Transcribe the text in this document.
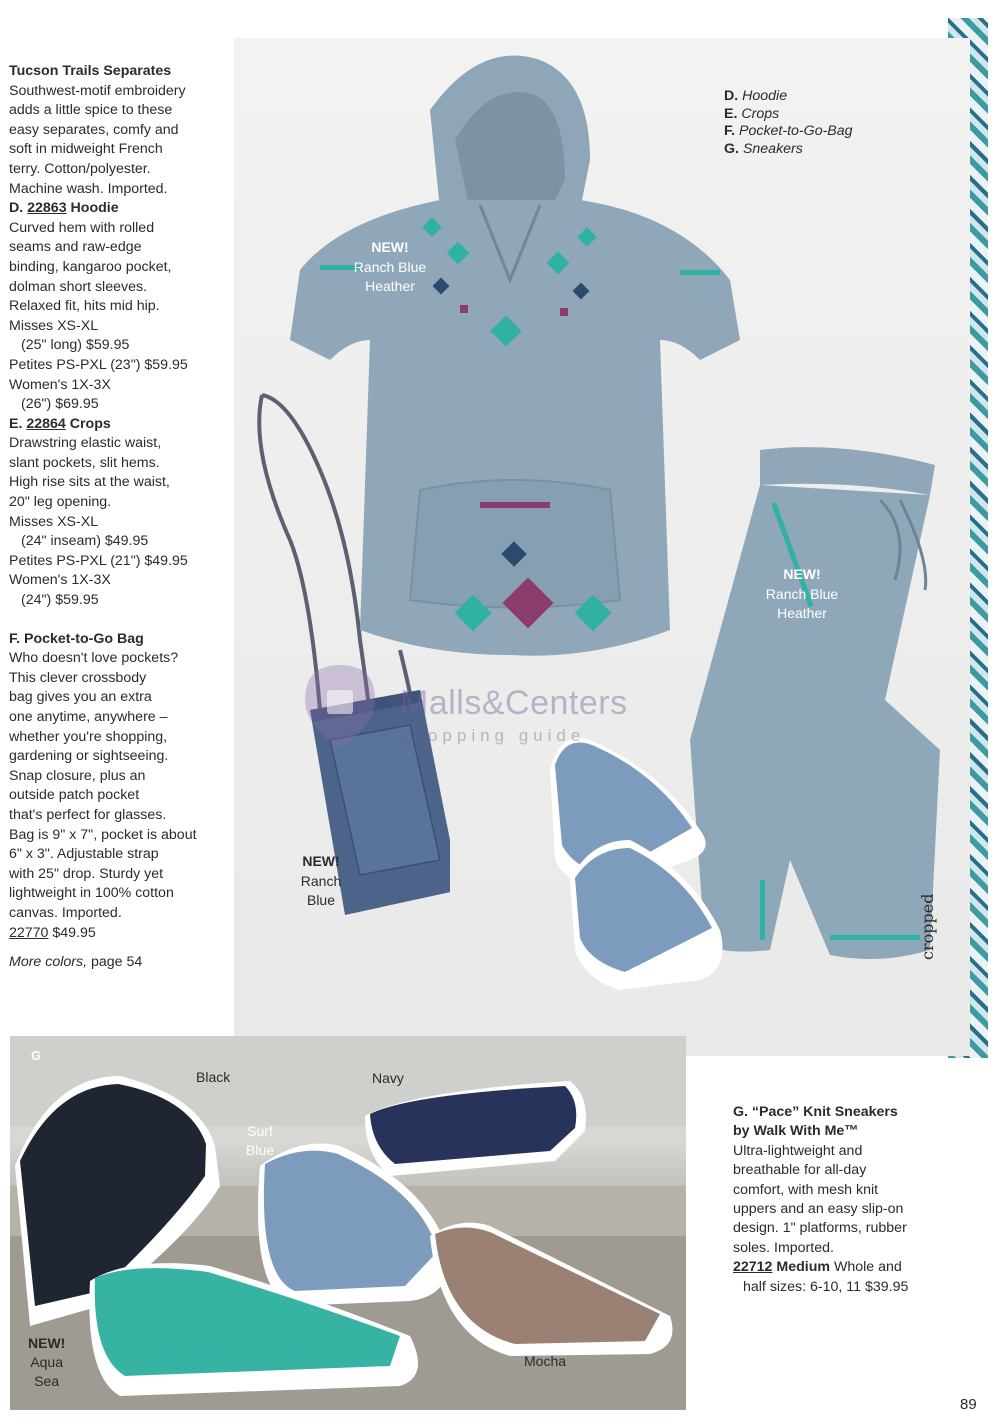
Tucson Trails Separates
Southwest-motif embroidery
adds a little spice to these
easy separates, comfy and
soft in midweight French
terry. Cotton/polyester.
Machine wash. Imported.
D. 22863 Hoodie
Curved hem with rolled
seams and raw-edge
binding, kangaroo pocket,
dolman short sleeves.
Relaxed fit, hits mid hip.
Misses XS-XL
(25" long) $59.95
Petites PS-PXL (23") $59.95
Women's 1X-3X
(26") $69.95
E. 22864 Crops
Drawstring elastic waist,
slant pockets, slit hems.
High rise sits at the waist,
20" leg opening.
Misses XS-XL
(24" inseam) $49.95
Petites PS-PXL (21") $49.95
Women's 1X-3X
(24") $59.95
F. Pocket-to-Go Bag
Who doesn't love pockets?
This clever crossbody
bag gives you an extra
one anytime, anywhere –
whether you're shopping,
gardening or sightseeing.
Snap closure, plus an
outside patch pocket
that's perfect for glasses.
Bag is 9" x 7", pocket is about
6" x 3". Adjustable strap
with 25" drop. Sturdy yet
lightweight in 100% cotton
canvas. Imported.
22770 $49.95
More colors, page 54
D. Hoodie
E. Crops
F. Pocket-to-Go-Bag
G. Sneakers
NEW!
Ranch Blue
Heather
NEW!
Ranch Blue
Heather
NEW!
Ranch
Blue	cropped
Malls&Centers
shopping guide
G
Black	Navy
Surf
Blue
NEW!
Aqua
Sea
Mocha
G. “Pace” Knit Sneakers
by Walk With Me™
Ultra-lightweight and
breathable for all-day
comfort, with mesh knit
uppers and an easy slip-on
design. 1" platforms, rubber
soles. Imported.
22712 Medium Whole and
half sizes: 6-10, 11 $39.95
89
